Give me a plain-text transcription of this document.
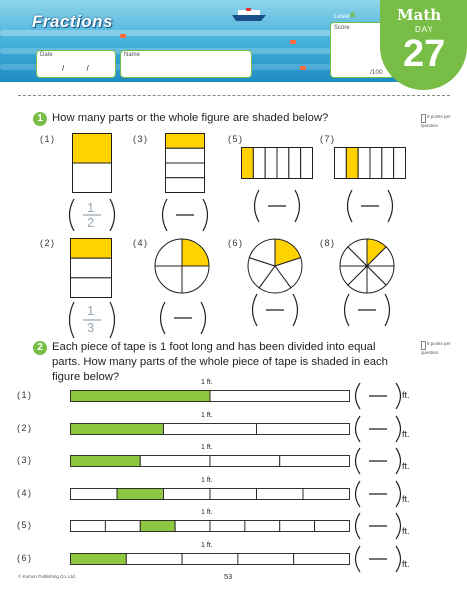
Fractions
Date
/          /
Name
Level
★
Score
/100
Math
DAY
27
1 How many parts or the whole figure are shaded below?	8 points per question
(1)	(3)	(5)	(7)
(2)	(4)	(6)	(8)
1
2
1
3
2 Each piece of tape is 1 foot long and has been divided into equal
parts. How many parts of the whole piece of tape is shaded in each
figure below?
8 points per question
(1)
1 ft.
ft.
(2)
1 ft.
ft.
(3)
1 ft.
ft.
(4)
1 ft.
ft.
(5)
1 ft.
ft.
(6)
1 ft.
ft.
© Kumon Publishing Co.,Ltd.	53
